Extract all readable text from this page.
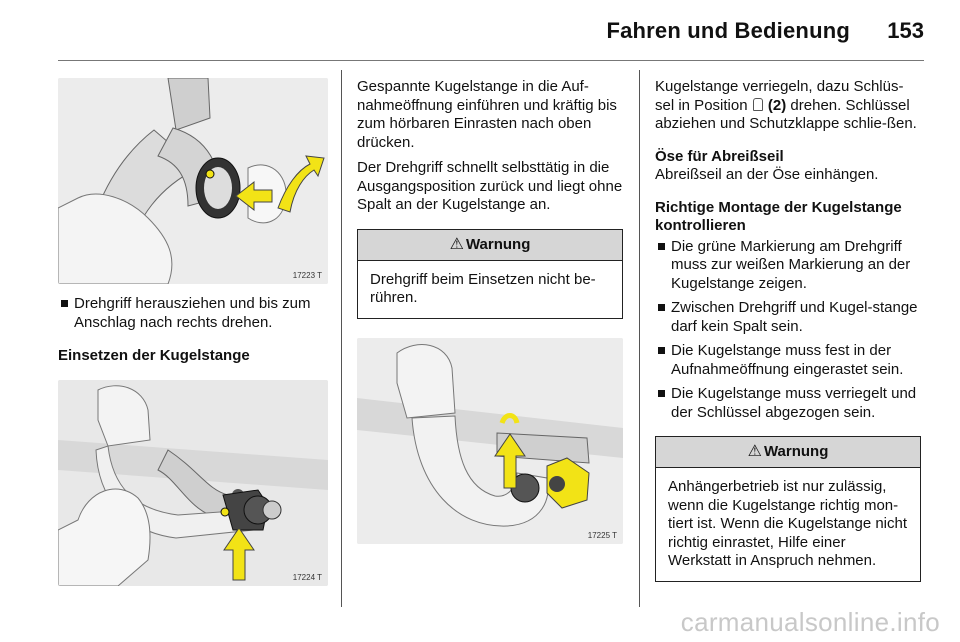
Fahren und Bedienung 153
17223 T

Drehgriff herausziehen und bis zum Anschlag nach rechts drehen.

Einsetzen der Kugelstange

17224 T

Gespannte Kugelstange in die Auf-nahmeöffnung einführen und kräftig bis zum hörbaren Einrasten nach oben drücken.

Der Drehgriff schnellt selbsttätig in die Ausgangsposition zurück und liegt ohne Spalt an der Kugelstange an.

⚠ Warnung
Drehgriff beim Einsetzen nicht be-rühren.
17225 T

Kugelstange verriegeln, dazu Schlüs-sel in Position (2) drehen. Schlüssel abziehen und Schutzklappe schlie-ßen.

Öse für Abreißseil

Abreißseil an der Öse einhängen.

Richtige Montage der Kugelstange kontrollieren

Die grüne Markierung am Drehgriff muss zur weißen Markierung an der Kugelstange zeigen.

Zwischen Drehgriff und Kugel-stange darf kein Spalt sein.

Die Kugelstange muss fest in der Aufnahmeöffnung eingerastet sein.

Die Kugelstange muss verriegelt und der Schlüssel abgezogen sein.

⚠ Warnung
Anhängerbetrieb ist nur zulässig, wenn die Kugelstange richtig mon-tiert ist. Wenn die Kugelstange nicht richtig einrastet, Hilfe einer Werkstatt in Anspruch nehmen.
carmanualsonline.info
